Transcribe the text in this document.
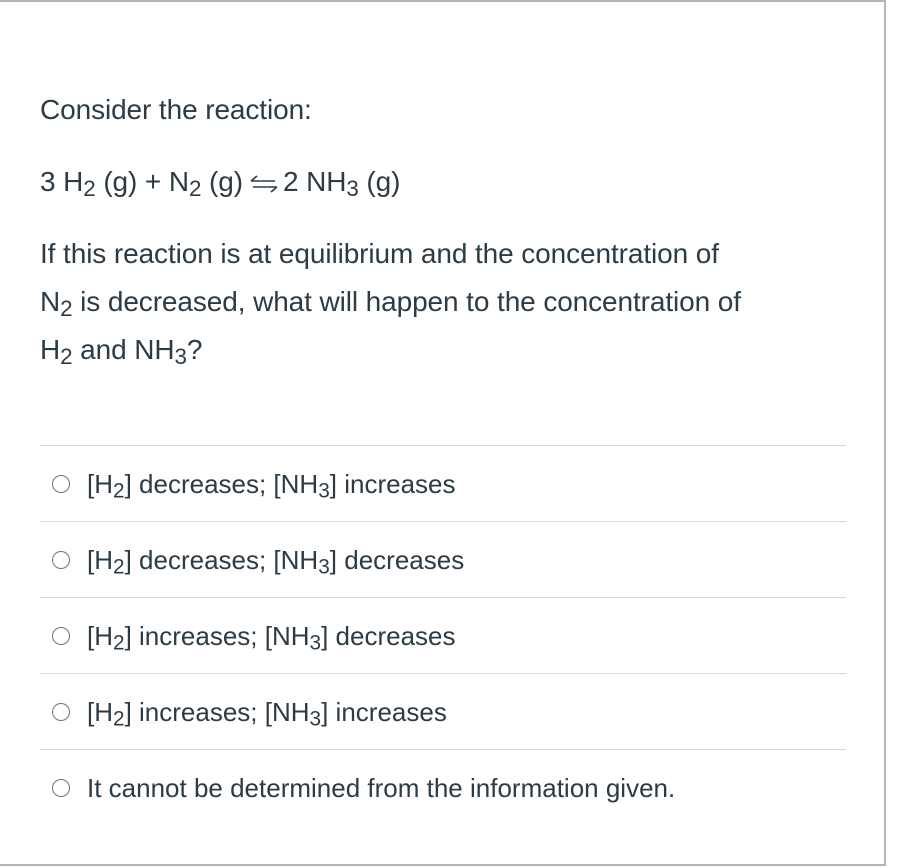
Consider the reaction:

3 $H_2$ $(g) + N_2$ (g) 2 $NH_3$ (g)

If this reaction is at equilibrium and the concentration of
$N_2$ is decreased, what will happen to the concentration of
$H_2$ and $NH_3$?
$[H_2]$ decreases; $[NH_3]$ increases
$[H_2]$ decreases; $[NH_3]$ decreases
$[H_2]$ increases; $[NH_3]$ decreases
$[H_2]$ increases; $[NH_3]$ increases
It cannot be determined from the information given.
